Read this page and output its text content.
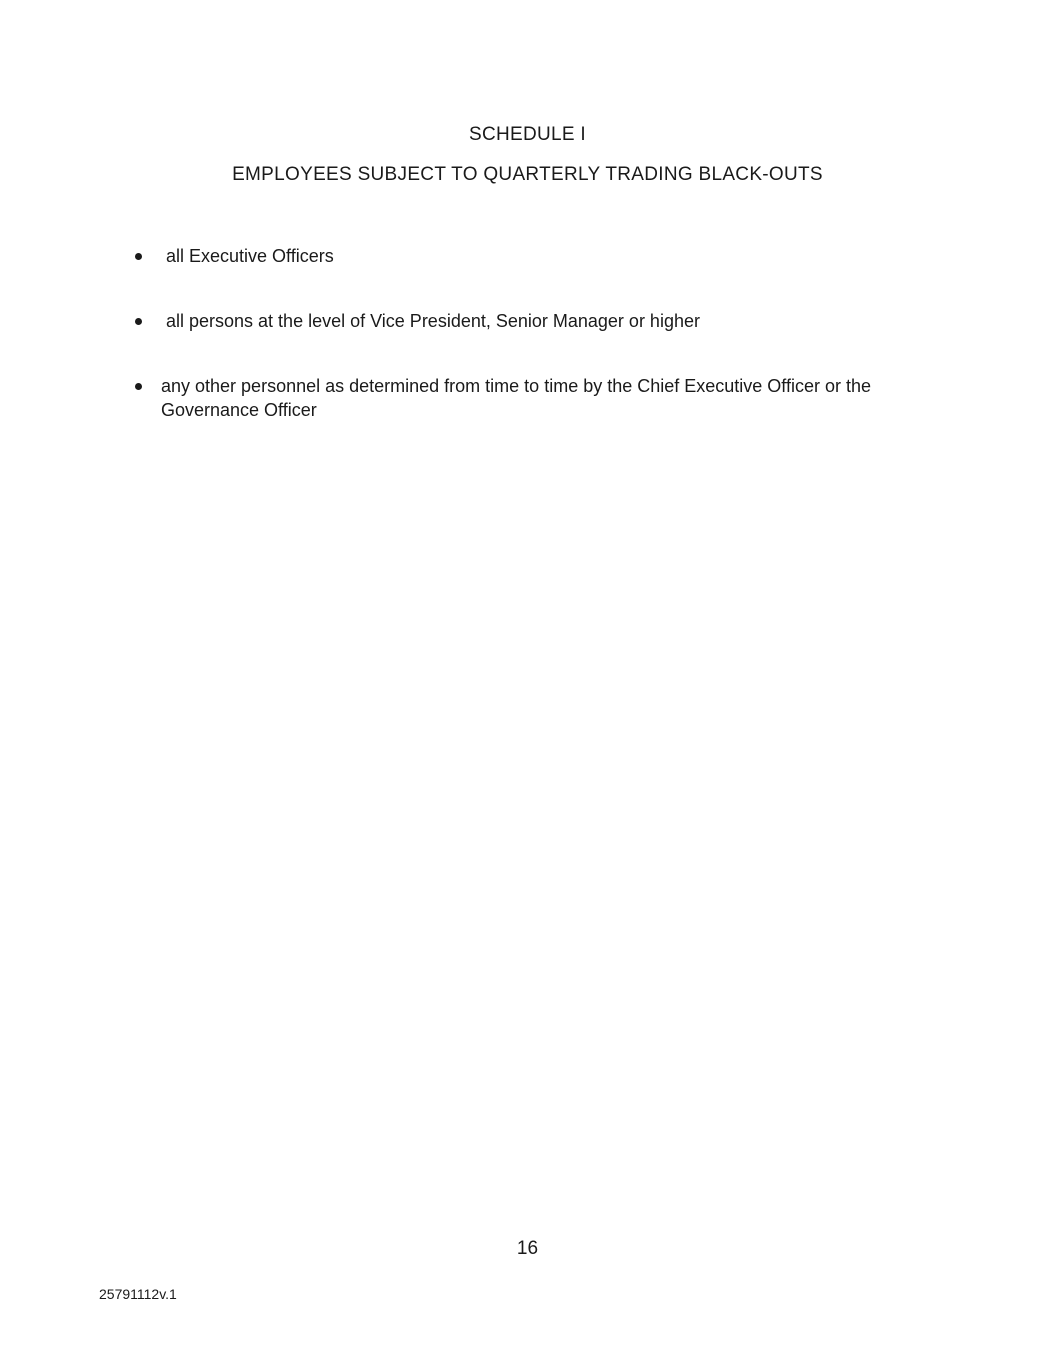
SCHEDULE I
EMPLOYEES SUBJECT TO QUARTERLY TRADING BLACK-OUTS
all Executive Officers
all persons at the level of Vice President, Senior Manager or higher
any other personnel as determined from time to time by the Chief Executive Officer or the Governance Officer
16
25791112v.1
